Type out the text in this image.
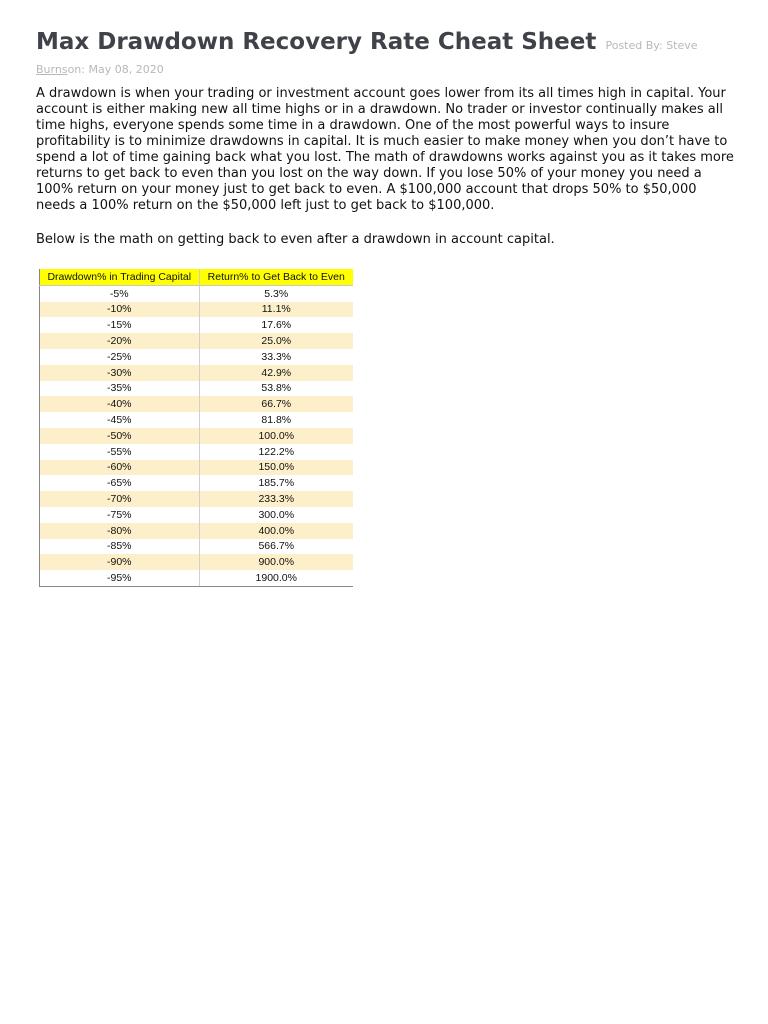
Max Drawdown Recovery Rate Cheat Sheet Posted By: Steve

Burnson: May 08, 2020

A drawdown is when your trading or investment account goes lower from its all times high in capital. Your account is either making new all time highs or in a drawdown. No trader or investor continually makes all time highs, everyone spends some time in a drawdown. One of the most powerful ways to insure profitability is to minimize drawdowns in capital. It is much easier to make money when you don’t have to spend a lot of time gaining back what you lost. The math of drawdowns works against you as it takes more returns to get back to even than you lost on the way down. If you lose 50% of your money you need a 100% return on your money just to get back to even. A $100,000 account that drops 50% to $50,000 needs a 100% return on the $50,000 left just to get back to $100,000.

Below is the math on getting back to even after a drawdown in account capital.

Drawdown% in Trading Capital	Return% to Get Back to Even
-5%	5.3%
-10%	11.1%
-15%	17.6%
-20%	25.0%
-25%	33.3%
-30%	42.9%
-35%	53.8%
-40%	66.7%
-45%	81.8%
-50%	100.0%
-55%	122.2%
-60%	150.0%
-65%	185.7%
-70%	233.3%
-75%	300.0%
-80%	400.0%
-85%	566.7%
-90%	900.0%
-95%	1900.0%
